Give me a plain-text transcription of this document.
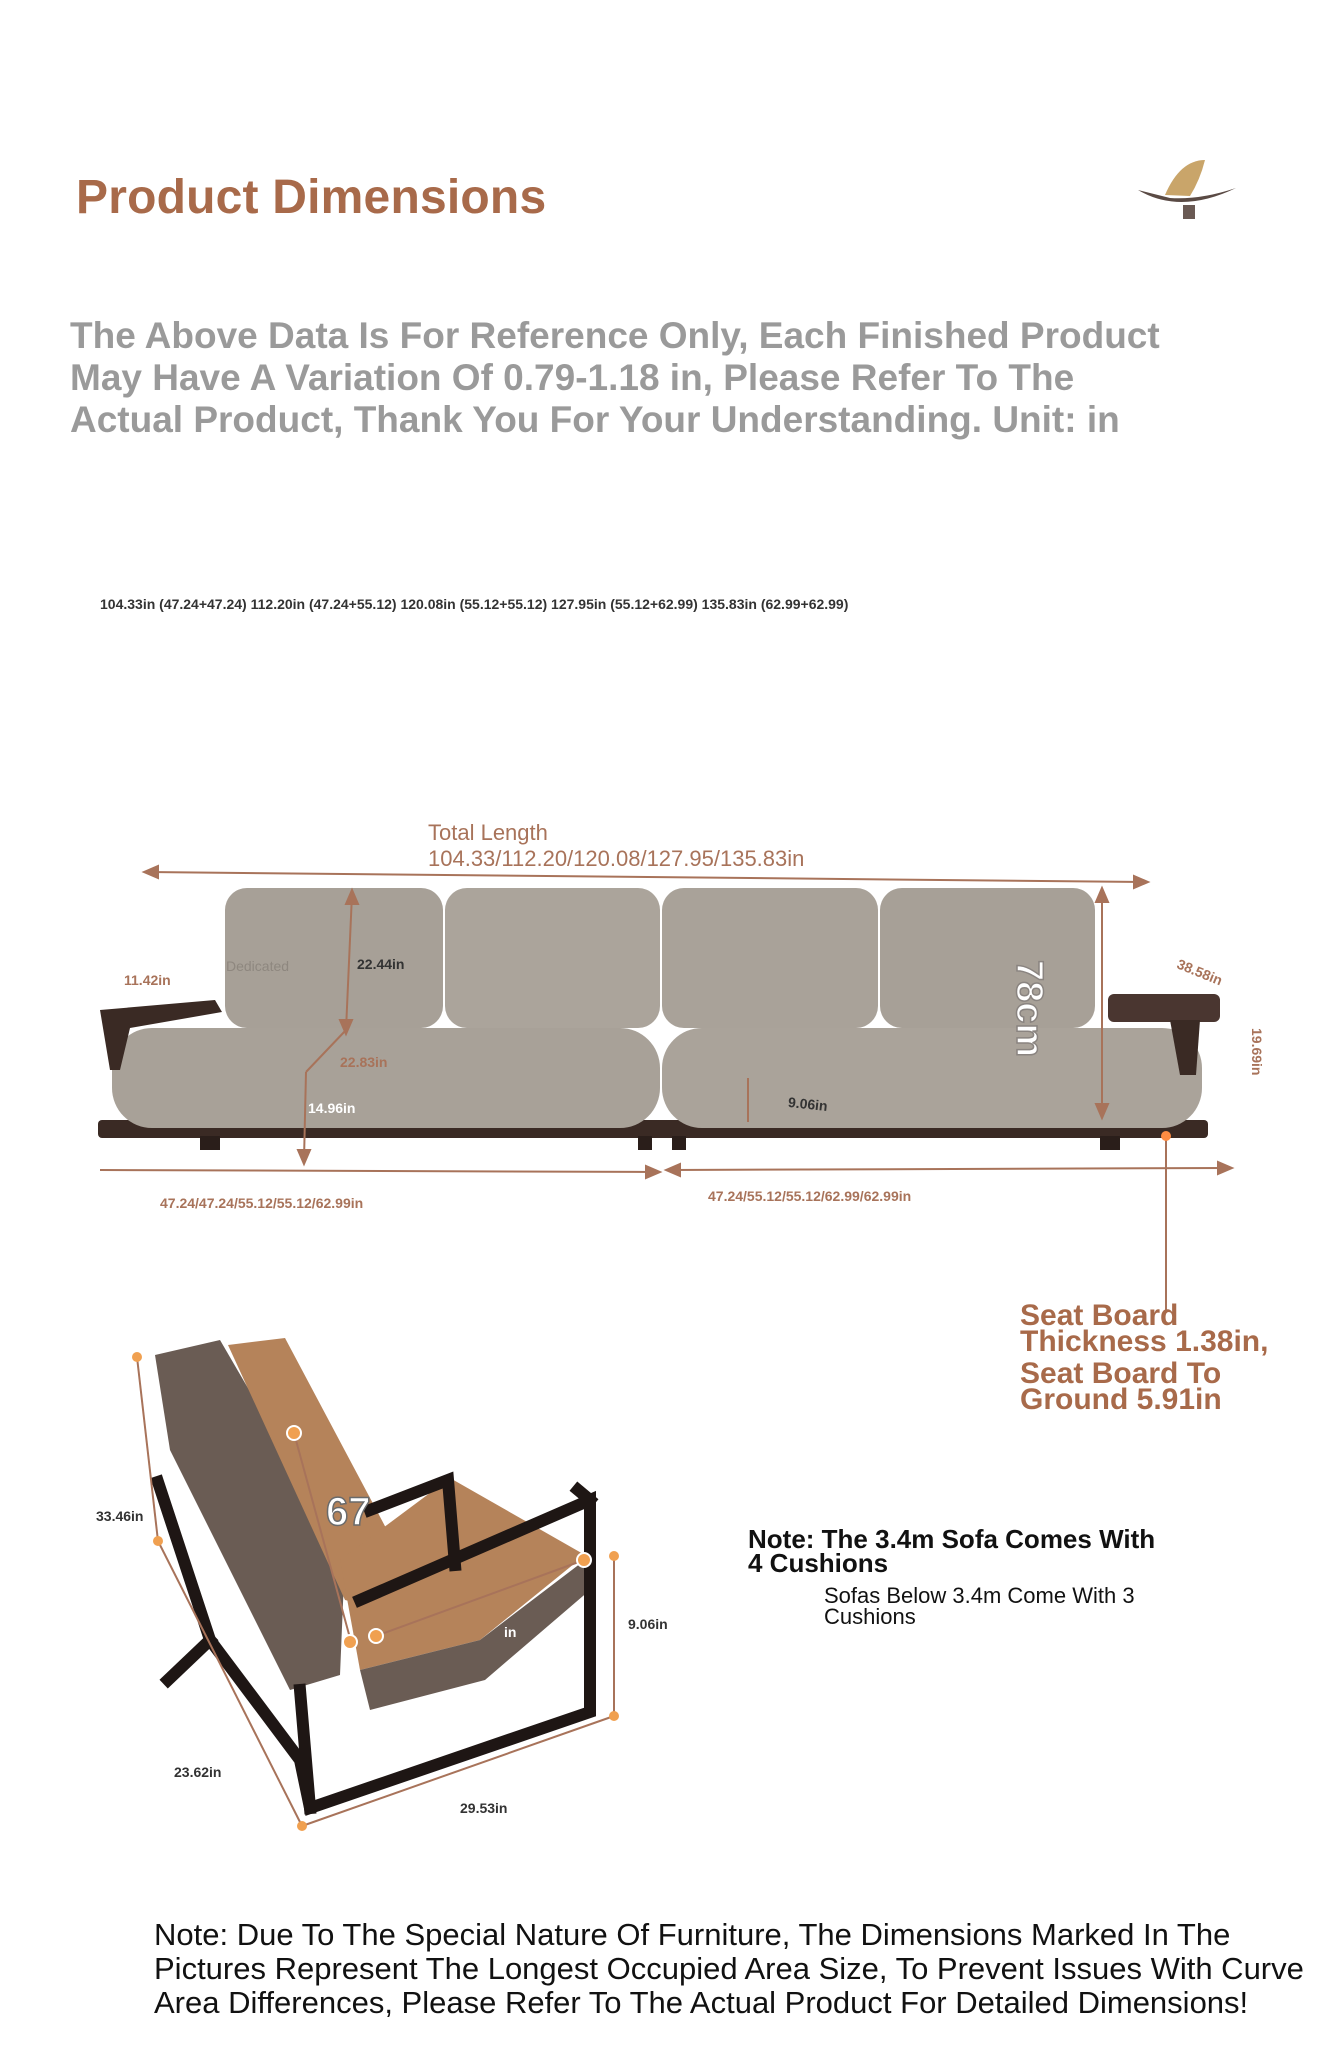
Product Dimensions
The Above Data Is For Reference Only, Each Finished Product May Have A Variation Of 0.79-1.18 in, Please Refer To The Actual Product, Thank You For Your Understanding. Unit: in
104.33in (47.24+47.24) 112.20in (47.24+55.12) 120.08in (55.12+55.12) 127.95in (55.12+62.99) 135.83in (62.99+62.99)
Total Length
104.33/112.20/120.08/127.95/135.83in
11.42in
Dedicated	22.44in
22.83in
14.96in	9.06in
78cm	38.58in
19.69in
47.24/47.24/55.12/55.12/62.99in	47.24/55.12/55.12/62.99/62.99in
Seat Board
Thickness 1.38in,
Seat Board To
Ground 5.91in
33.46in	67
in	9.06in
23.62in
29.53in
Note: The 3.4m Sofa Comes With 4 Cushions
Sofas Below 3.4m Come With 3 Cushions
Note: Due To The Special Nature Of Furniture, The Dimensions Marked In The
Pictures Represent The Longest Occupied Area Size, To Prevent Issues With Curve
Area Differences, Please Refer To The Actual Product For Detailed Dimensions!
